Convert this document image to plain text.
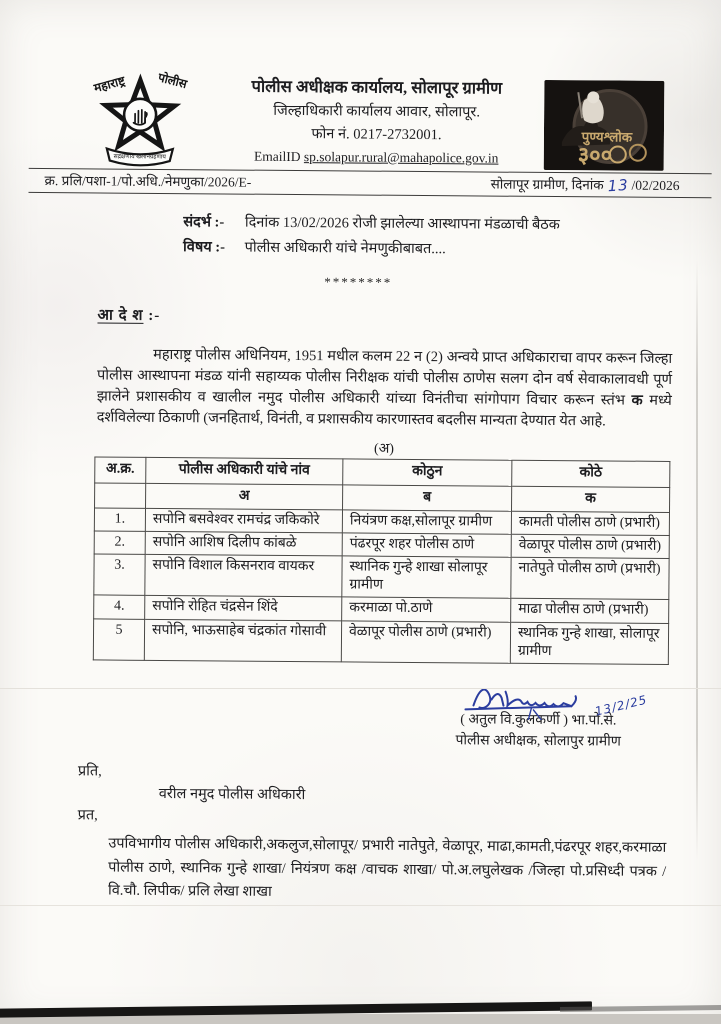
महाराष्ट्र	पोलीस
सद्रक्षणाय खलनिग्रहणाय
पोलीस अधीक्षक कार्यालय, सोलापूर ग्रामीण
जिल्हाधिकारी कार्यालय आवार, सोलापूर.
फोन नं. 0217-2732001.
EmailID sp.solapur.rural@mahapolice.gov.in
पुण्यश्लोक
३००
क्र. प्रलि/पशा-1/पो.अधि./नेमणुका/2026/E-	सोलापूर ग्रामीण, दिनांक 13 /02/2026
संदर्भ :- दिनांक 13/02/2026 रोजी झालेल्या आस्थापना मंडळाची बैठक
विषय :- पोलीस अधिकारी यांचे नेमणुकीबाबत....
********
आ दे श :-

महाराष्ट्र पोलीस अधिनियम, 1951 मधील कलम 22 न (2) अन्वये प्राप्त अधिकाराचा वापर करून जिल्हा पोलीस आस्थापना मंडळ यांनी सहाय्यक पोलीस निरीक्षक यांची पोलीस ठाणेस सलग दोन वर्ष सेवाकालावधी पूर्ण झालेने प्रशासकीय व खालील नमुद पोलीस अधिकारी यांच्या विनंतीचा सांगोपाग विचार करून स्तंभ क मध्ये दर्शविलेल्या ठिकाणी (जनहितार्थ, विनंती, व प्रशासकीय कारणास्तव बदलीस मान्यता देण्यात येत आहे.

(अ)
अ.क्र.	पोलीस अधिकारी यांचे नांव	कोठुन	कोठे
	अ	ब	क
1.	सपोनि बसवेश्वर रामचंद्र जकिकोरे	नियंत्रण कक्ष,सोलापूर ग्रामीण	कामती पोलीस ठाणे (प्रभारी)
2.	सपोनि आशिष दिलीप कांबळे	पंढरपूर शहर पोलीस ठाणे	वेळापूर पोलीस ठाणे (प्रभारी)
3.	सपोनि विशाल किसनराव वायकर	स्थानिक गुन्हे शाखा सोलापूर ग्रामीण	नातेपुते पोलीस ठाणे (प्रभारी)
4.	सपोनि रोहित चंद्रसेन शिंदे	करमाळा पो.ठाणे	माढा पोलीस ठाणे (प्रभारी)
5	सपोनि, भाऊसाहेब चंद्रकांत गोसावी	वेळापूर पोलीस ठाणे (प्रभारी)	स्थानिक गुन्हे शाखा, सोलापूर ग्रामीण
13/2/25
( अतुल वि.कुलकर्णी ) भा.पो.से.
पोलीस अधीक्षक, सोलापुर ग्रामीण
प्रति,
वरील नमुद पोलीस अधिकारी
प्रत,

उपविभागीय पोलीस अधिकारी,अकलुज,सोलापूर/ प्रभारी नातेपुते, वेळापूर, माढा,कामती,पंढरपूर शहर,करमाळा पोलीस ठाणे, स्थानिक गुन्हे शाखा/ नियंत्रण कक्ष /वाचक शाखा/ पो.अ.लघुलेखक /जिल्हा पो.प्रसिध्दी पत्रक /वि.चौ. लिपीक/ प्रलि लेखा शाखा
